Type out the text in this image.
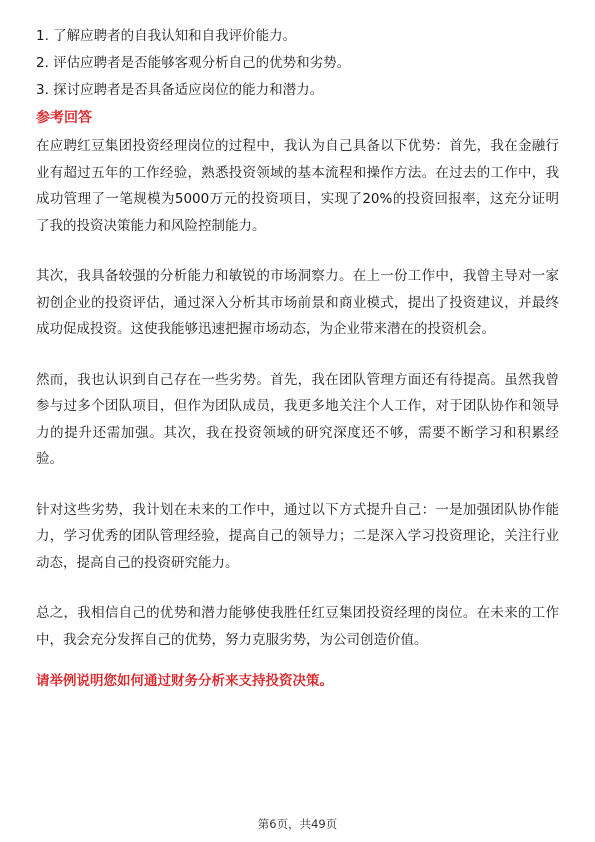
1. 了解应聘者的自我认知和自我评价能力。
2. 评估应聘者是否能够客观分析自己的优势和劣势。
3. 探讨应聘者是否具备适应岗位的能力和潜力。
参考回答

在应聘红豆集团投资经理岗位的过程中，我认为自己具备以下优势：首先，我在金融行业有超过五年的工作经验，熟悉投资领域的基本流程和操作方法。在过去的工作中，我成功管理了一笔规模为5000万元的投资项目，实现了20%的投资回报率，这充分证明了我的投资决策能力和风险控制能力。

其次，我具备较强的分析能力和敏锐的市场洞察力。在上一份工作中，我曾主导对一家初创企业的投资评估，通过深入分析其市场前景和商业模式，提出了投资建议，并最终成功促成投资。这使我能够迅速把握市场动态，为企业带来潜在的投资机会。

然而，我也认识到自己存在一些劣势。首先，我在团队管理方面还有待提高。虽然我曾参与过多个团队项目，但作为团队成员，我更多地关注个人工作，对于团队协作和领导力的提升还需加强。其次，我在投资领域的研究深度还不够，需要不断学习和积累经验。

针对这些劣势，我计划在未来的工作中，通过以下方式提升自己：一是加强团队协作能力，学习优秀的团队管理经验，提高自己的领导力；二是深入学习投资理论，关注行业动态，提高自己的投资研究能力。

总之，我相信自己的优势和潜力能够使我胜任红豆集团投资经理的岗位。在未来的工作中，我会充分发挥自己的优势，努力克服劣势，为公司创造价值。

请举例说明您如何通过财务分析来支持投资决策。
第6页，共49页
